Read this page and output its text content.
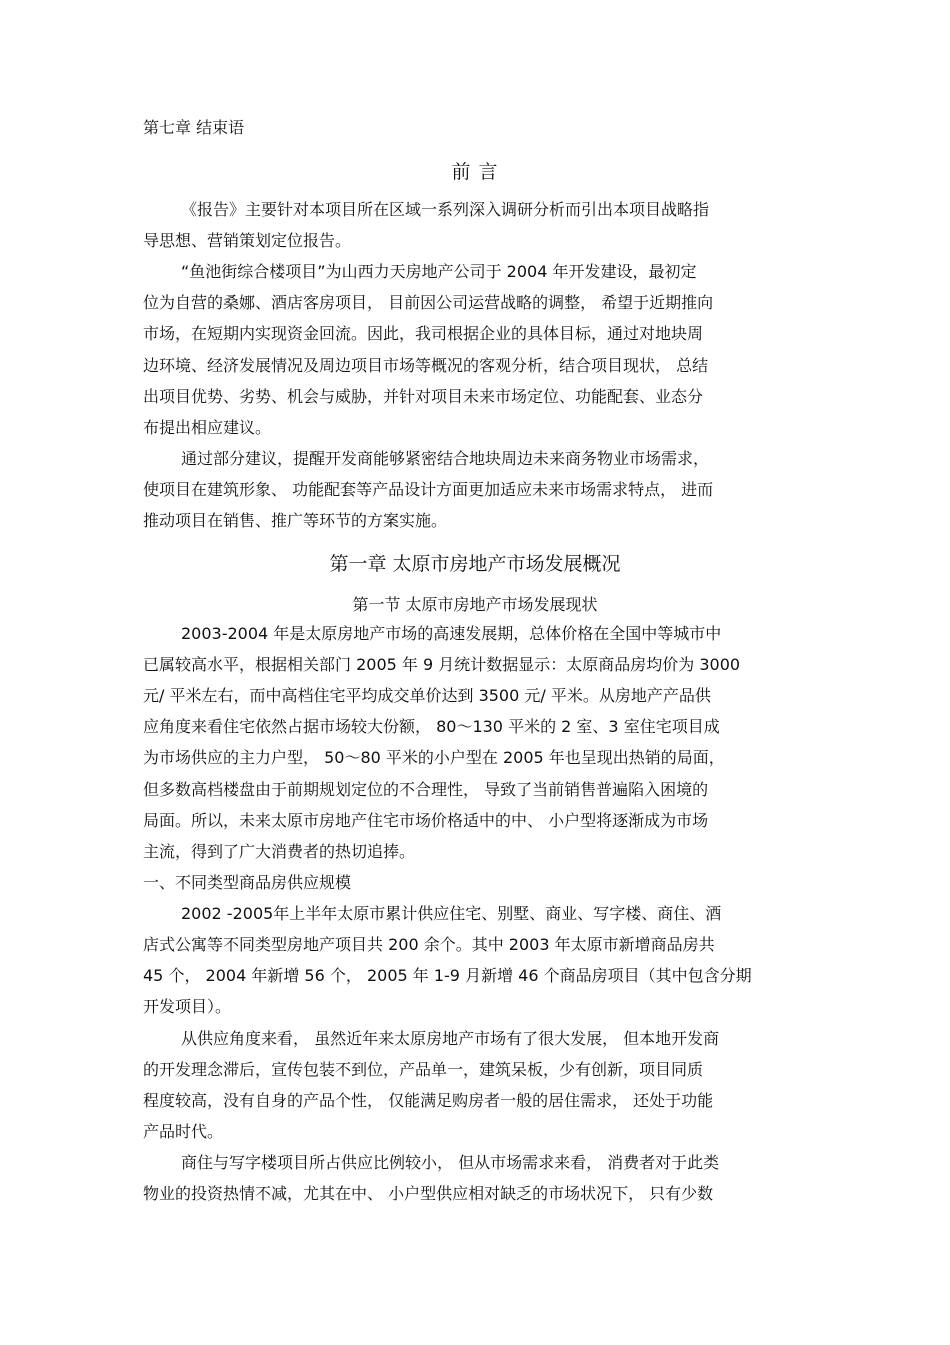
第七章 结束语
前 言
《报告》主要针对本项目所在区域一系列深入调研分析而引出本项目战略指
导思想、营销策划定位报告。
“鱼池街综合楼项目”为山西力天房地产公司于 2004 年开发建设，最初定
位为自营的桑娜、酒店客房项目， 目前因公司运营战略的调整， 希望于近期推向
市场，在短期内实现资金回流。因此，我司根据企业的具体目标，通过对地块周
边环境、经济发展情况及周边项目市场等概况的客观分析，结合项目现状， 总结
出项目优势、劣势、机会与威胁，并针对项目未来市场定位、功能配套、业态分
布提出相应建议。
通过部分建议，提醒开发商能够紧密结合地块周边未来商务物业市场需求，
使项目在建筑形象、 功能配套等产品设计方面更加适应未来市场需求特点， 进而
推动项目在销售、推广等环节的方案实施。
第一章 太原市房地产市场发展概况
第一节 太原市房地产市场发展现状
2003-2004 年是太原房地产市场的高速发展期，总体价格在全国中等城市中
已属较高水平，根据相关部门 2005 年 9 月统计数据显示：太原商品房均价为 3000
元/ 平米左右，而中高档住宅平均成交单价达到 3500 元/ 平米。从房地产产品供
应角度来看住宅依然占据市场较大份额， 80～130 平米的 2 室、3 室住宅项目成
为市场供应的主力户型， 50～80 平米的小户型在 2005 年也呈现出热销的局面，
但多数高档楼盘由于前期规划定位的不合理性， 导致了当前销售普遍陷入困境的
局面。所以，未来太原市房地产住宅市场价格适中的中、 小户型将逐渐成为市场
主流，得到了广大消费者的热切追捧。
一、不同类型商品房供应规模
2002 -2005年上半年太原市累计供应住宅、别墅、商业、写字楼、商住、酒
店式公寓等不同类型房地产项目共 200 余个。其中 2003 年太原市新增商品房共
45 个， 2004 年新增 56 个， 2005 年 1-9 月新增 46 个商品房项目（其中包含分期
开发项目）。
从供应角度来看， 虽然近年来太原房地产市场有了很大发展， 但本地开发商
的开发理念滞后，宣传包装不到位，产品单一，建筑呆板，少有创新，项目同质
程度较高，没有自身的产品个性， 仅能满足购房者一般的居住需求， 还处于功能
产品时代。
商住与写字楼项目所占供应比例较小， 但从市场需求来看， 消费者对于此类
物业的投资热情不减，尤其在中、 小户型供应相对缺乏的市场状况下， 只有少数
